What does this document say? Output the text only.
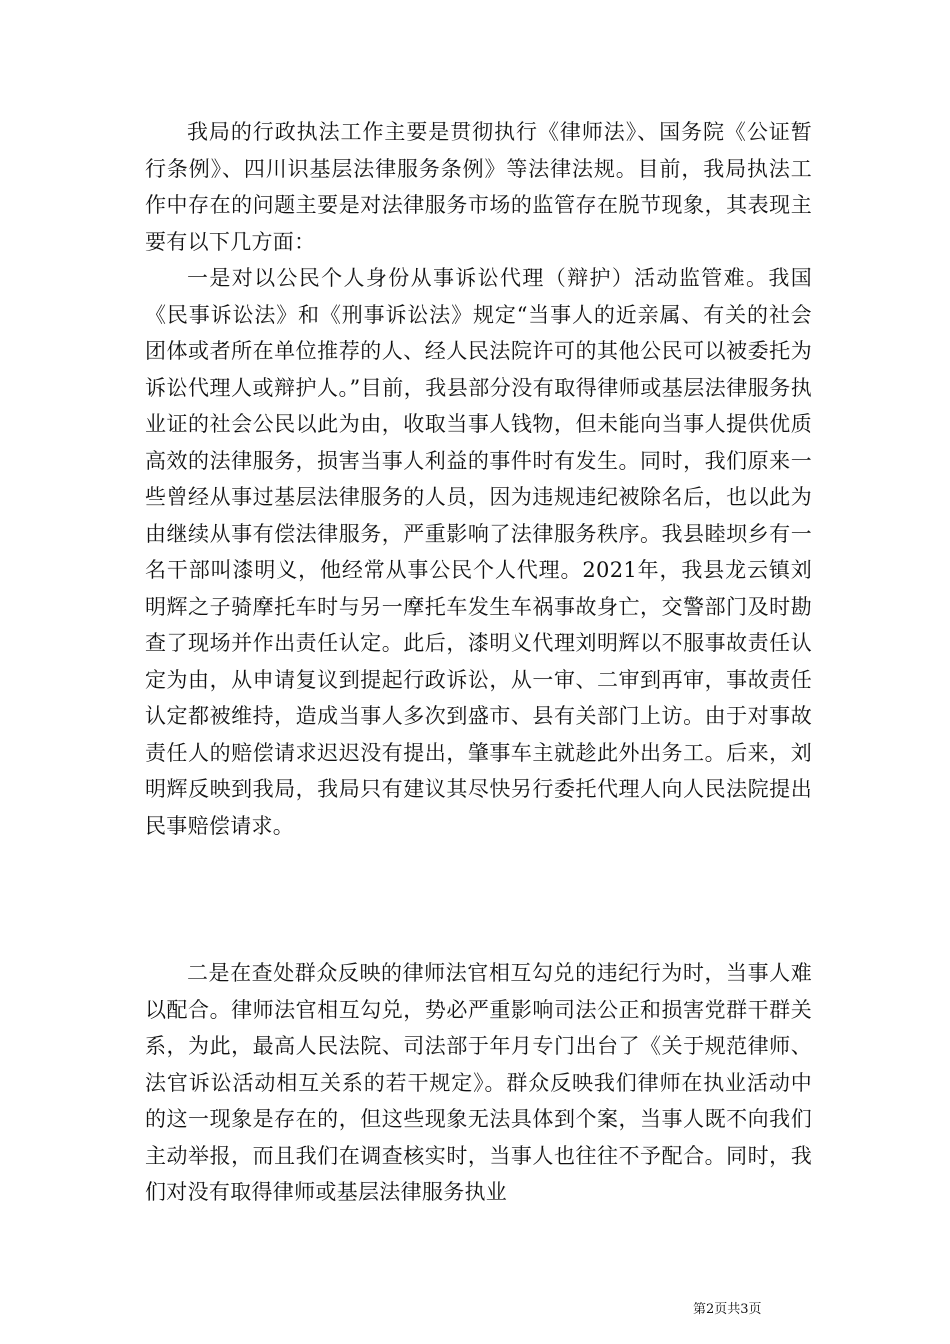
我局的行政执法工作主要是贯彻执行《律师法》、国务院《公证暂行条例》、四川识基层法律服务条例》等法律法规。目前，我局执法工作中存在的问题主要是对法律服务市场的监管存在脱节现象，其表现主要有以下几方面：

一是对以公民个人身份从事诉讼代理（辩护）活动监管难。我国《民事诉讼法》和《刑事诉讼法》规定“当事人的近亲属、有关的社会团体或者所在单位推荐的人、经人民法院许可的其他公民可以被委托为诉讼代理人或辩护人。”目前，我县部分没有取得律师或基层法律服务执业证的社会公民以此为由，收取当事人钱物，但未能向当事人提供优质高效的法律服务，损害当事人利益的事件时有发生。同时，我们原来一些曾经从事过基层法律服务的人员，因为违规违纪被除名后，也以此为由继续从事有偿法律服务，严重影响了法律服务秩序。我县睦坝乡有一名干部叫漆明义，他经常从事公民个人代理。2021年，我县龙云镇刘明辉之子骑摩托车时与另一摩托车发生车祸事故身亡，交警部门及时勘查了现场并作出责任认定。此后，漆明义代理刘明辉以不服事故责任认定为由，从申请复议到提起行政诉讼，从一审、二审到再审，事故责任认定都被维持，造成当事人多次到盛市、县有关部门上访。由于对事故责任人的赔偿请求迟迟没有提出，肇事车主就趁此外出务工。后来，刘明辉反映到我局，我局只有建议其尽快另行委托代理人向人民法院提出民事赔偿请求。

二是在查处群众反映的律师法官相互勾兑的违纪行为时，当事人难以配合。律师法官相互勾兑，势必严重影响司法公正和损害党群干群关系，为此，最高人民法院、司法部于年月专门出台了《关于规范律师、法官诉讼活动相互关系的若干规定》。群众反映我们律师在执业活动中的这一现象是存在的，但这些现象无法具体到个案，当事人既不向我们主动举报，而且我们在调查核实时，当事人也往往不予配合。同时，我们对没有取得律师或基层法律服务执业

第2页共3页
